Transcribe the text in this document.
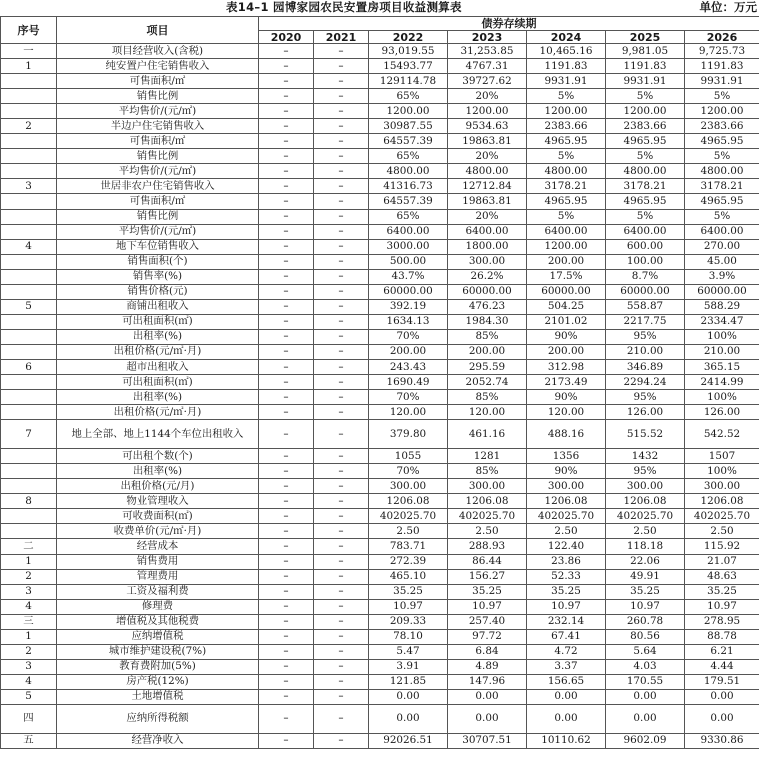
表14–1 园博家园农民安置房项目收益测算表	单位：万元
序号	项目	债券存续期						
		2020	2021	2022	2023	2024	2025	2026
一	项目经营收入(含税)	–	–	93,019.55	31,253.85	10,465.16	9,981.05	9,725.73
1	纯安置户住宅销售收入	–	–	15493.77	4767.31	1191.83	1191.83	1191.83
	可售面积/㎡	–	–	129114.78	39727.62	9931.91	9931.91	9931.91
	销售比例	–	–	65%	20%	5%	5%	5%
	平均售价/(元/㎡)	–	–	1200.00	1200.00	1200.00	1200.00	1200.00
2	半边户住宅销售收入	–	–	30987.55	9534.63	2383.66	2383.66	2383.66
	可售面积/㎡	–	–	64557.39	19863.81	4965.95	4965.95	4965.95
	销售比例	–	–	65%	20%	5%	5%	5%
	平均售价/(元/㎡)	–	–	4800.00	4800.00	4800.00	4800.00	4800.00
3	世居非农户住宅销售收入	–	–	41316.73	12712.84	3178.21	3178.21	3178.21
	可售面积/㎡	–	–	64557.39	19863.81	4965.95	4965.95	4965.95
	销售比例	–	–	65%	20%	5%	5%	5%
	平均售价/(元/㎡)	–	–	6400.00	6400.00	6400.00	6400.00	6400.00
4	地下车位销售收入	–	–	3000.00	1800.00	1200.00	600.00	270.00
	销售面积(个)	–	–	500.00	300.00	200.00	100.00	45.00
	销售率(%)	–	–	43.7%	26.2%	17.5%	8.7%	3.9%
	销售价格(元)	–	–	60000.00	60000.00	60000.00	60000.00	60000.00
5	商铺出租收入	–	–	392.19	476.23	504.25	558.87	588.29
	可出租面积(㎡)	–	–	1634.13	1984.30	2101.02	2217.75	2334.47
	出租率(%)	–	–	70%	85%	90%	95%	100%
	出租价格(元/㎡·月)	–	–	200.00	200.00	200.00	210.00	210.00
6	超市出租收入	–	–	243.43	295.59	312.98	346.89	365.15
	可出租面积(㎡)	–	–	1690.49	2052.74	2173.49	2294.24	2414.99
	出租率(%)	–	–	70%	85%	90%	95%	100%
	出租价格(元/㎡·月)	–	–	120.00	120.00	120.00	126.00	126.00
7	地上全部、地上1144个车位出租收入	–	–	379.80	461.16	488.16	515.52	542.52
	可出租个数(个)	–	–	1055	1281	1356	1432	1507
	出租率(%)	–	–	70%	85%	90%	95%	100%
	出租价格(元/月)	–	–	300.00	300.00	300.00	300.00	300.00
8	物业管理收入	–	–	1206.08	1206.08	1206.08	1206.08	1206.08
	可收费面积(㎡)	–	–	402025.70	402025.70	402025.70	402025.70	402025.70
	收费单价(元/㎡·月)	–	–	2.50	2.50	2.50	2.50	2.50
二	经营成本	–	–	783.71	288.93	122.40	118.18	115.92
1	销售费用	–	–	272.39	86.44	23.86	22.06	21.07
2	管理费用	–	–	465.10	156.27	52.33	49.91	48.63
3	工资及福利费	–	–	35.25	35.25	35.25	35.25	35.25
4	修理费	–	–	10.97	10.97	10.97	10.97	10.97
三	增值税及其他税费	–	–	209.33	257.40	232.14	260.78	278.95
1	应纳增值税	–	–	78.10	97.72	67.41	80.56	88.78
2	城市维护建设税(7%)	–	–	5.47	6.84	4.72	5.64	6.21
3	教育费附加(5%)	–	–	3.91	4.89	3.37	4.03	4.44
4	房产税(12%)	–	–	121.85	147.96	156.65	170.55	179.51
5	土地增值税	–	–	0.00	0.00	0.00	0.00	0.00
四	应纳所得税额	–	–	0.00	0.00	0.00	0.00	0.00
五	经营净收入	–	–	92026.51	30707.51	10110.62	9602.09	9330.86
